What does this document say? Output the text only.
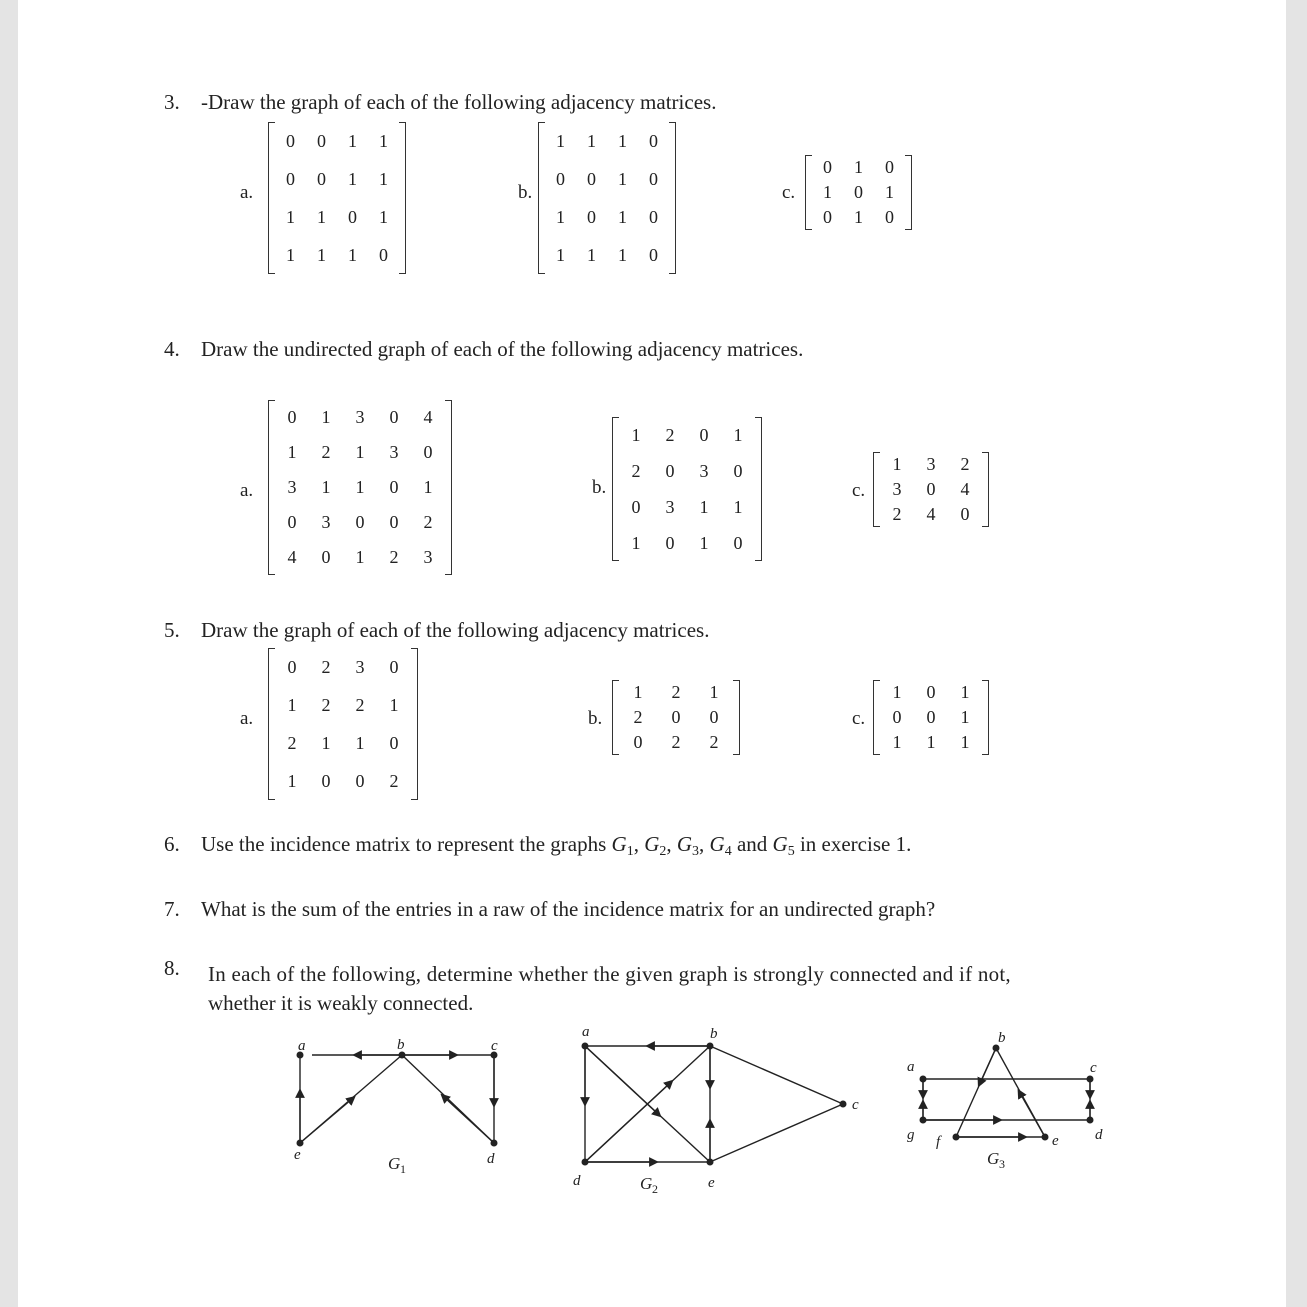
3. -Draw the graph of each of the following adjacency matrices.
a.
0	0	1	1
0	0	1	1
1	1	0	1
1	1	1	0
b.
1	1	1	0
0	0	1	0
1	0	1	0
1	1	1	0
c.
0	1	0
1	0	1
0	1	0
4. Draw the undirected graph of each of the following adjacency matrices.
a.
0	1	3	0	4
1	2	1	3	0
3	1	1	0	1
0	3	0	0	2
4	0	1	2	3
b.
1	2	0	1
2	0	3	0
0	3	1	1
1	0	1	0
c.
1	3	2
3	0	4
2	4	0
5. Draw the graph of each of the following adjacency matrices.
a.
0	2	3	0
1	2	2	1
2	1	1	0
1	0	0	2
b.
1	2	1
2	0	0
0	2	2
c.
1	0	1
0	0	1
1	1	1
6. Use the incidence matrix to represent the graphs G1, G2, G3, G4 and G5 in exercise 1.
7. What is the sum of the entries in a raw of the incidence matrix for an undirected graph?
8. In each of the following, determine whether the given graph is strongly connected and if not,
whether it is weakly connected.
a	b	c
d
e	G 1
a	b
c
d	e
G 2
a
b
c
d
e
f
g
G 3
